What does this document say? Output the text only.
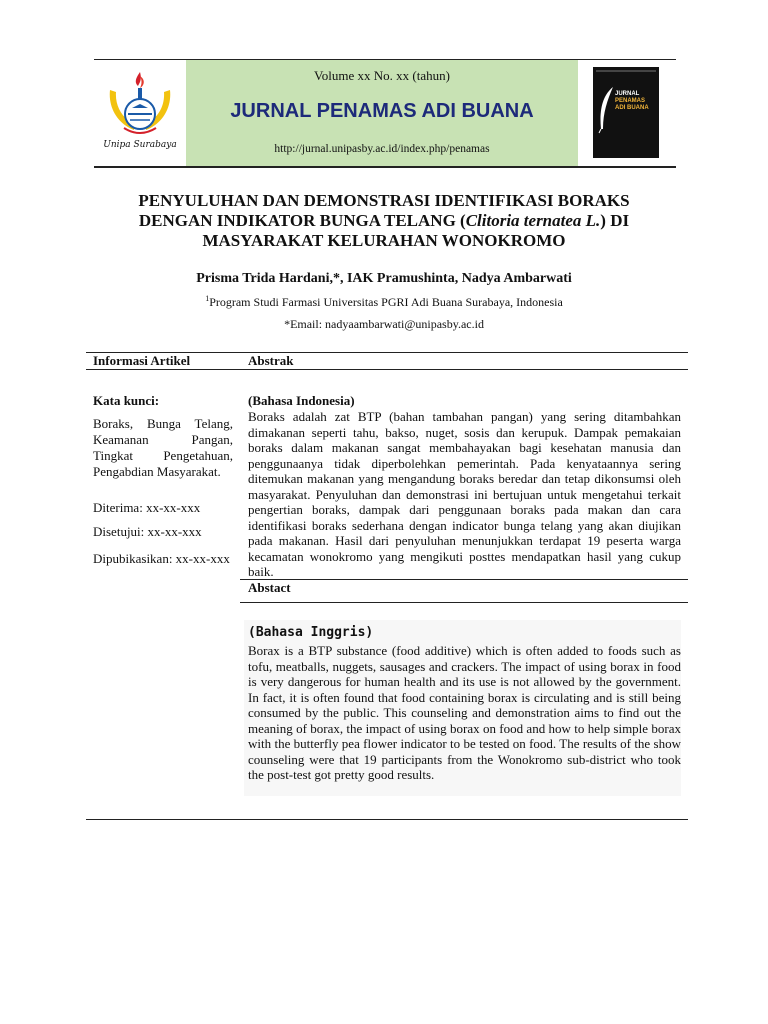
Unipa Surabaya
Volume xx No. xx (tahun)
JURNAL PENAMAS ADI BUANA
http://jurnal.unipasby.ac.id/index.php/penamas
JURNAL
PENAMAS
ADI BUANA
PENYULUHAN DAN DEMONSTRASI IDENTIFIKASI BORAKS DENGAN INDIKATOR BUNGA TELANG (Clitoria ternatea L.) DI MASYARAKAT KELURAHAN WONOKROMO
Prisma Trida Hardani,*, IAK Pramushinta, Nadya Ambarwati
$^1$Program Studi Farmasi Universitas PGRI Adi Buana Surabaya, Indonesia
*Email: nadyaambarwati@unipasby.ac.id
Informasi Artikel	Abstrak
Kata kunci:
Boraks, Bunga Telang, Keamanan Pangan, Tingkat Pengetahuan, Pengabdian Masyarakat.
Diterima: xx-xx-xxx
Disetujui: xx-xx-xxx
Dipubikasikan: xx-xx-xxx
(Bahasa Indonesia)
Boraks adalah zat BTP (bahan tambahan pangan) yang sering ditambahkan dimakanan seperti tahu, bakso, nuget, sosis dan kerupuk. Dampak pemakaian boraks dalam makanan sangat membahayakan bagi kesehatan manusia dan penggunaanya tidak diperbolehkan pemerintah. Pada kenyataannya sering ditemukan makanan yang mengandung boraks beredar dan tetap dikonsumsi oleh masyarakat. Penyuluhan dan demonstrasi ini bertujuan untuk mengetahui terkait pengertian boraks, dampak dari penggunaan boraks pada makan dan cara identifikasi boraks sederhana dengan indicator bunga telang yang akan diujikan pada makanan. Hasil dari penyuluhan menunjukkan terdapat 19 peserta warga kecamatan wonokromo yang mengikuti posttes mendapatkan hasil yang cukup baik.
Abstact
(Bahasa Inggris)
Borax is a BTP substance (food additive) which is often added to foods such as tofu, meatballs, nuggets, sausages and crackers. The impact of using borax in food is very dangerous for human health and its use is not allowed by the government. In fact, it is often found that food containing borax is circulating and is still being consumed by the public. This counseling and demonstration aims to find out the meaning of borax, the impact of using borax on food and how to help simple borax with the butterfly pea flower indicator to be tested on food. The results of the show counseling were that 19 participants from the Wonokromo sub-district who took the post-test got pretty good results.
